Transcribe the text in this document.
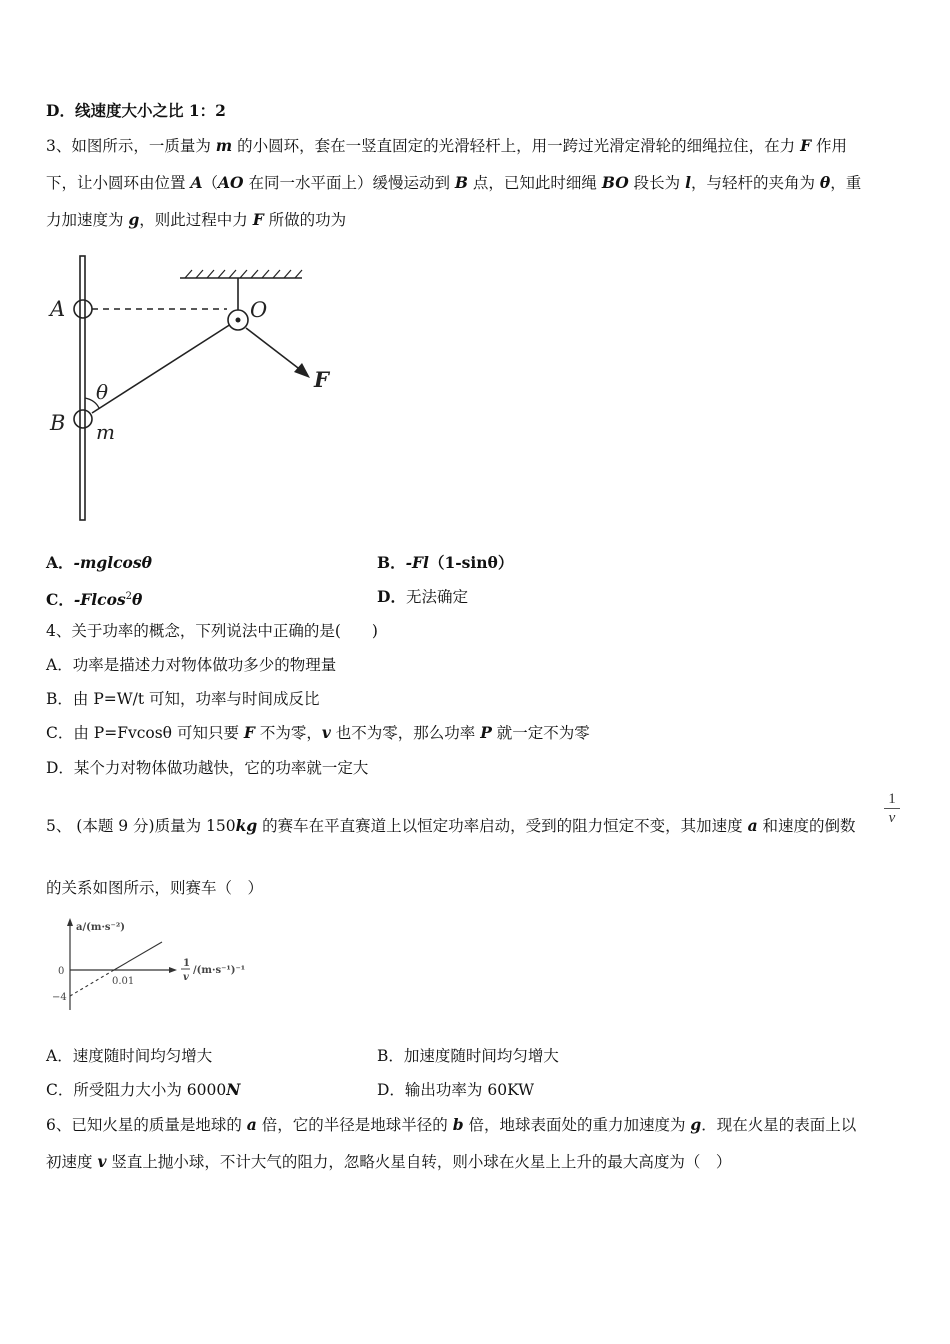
D．线速度大小之比 1：2
3、如图所示，一质量为 m 的小圆环，套在一竖直固定的光滑轻杆上，用一跨过光滑定滑轮的细绳拉住，在力 F 作用
下，让小圆环由位置 A（AO 在同一水平面上）缓慢运动到 B 点，已知此时细绳 BO 段长为 l，与轻杆的夹角为 θ，重
力加速度为 g，则此过程中力 F 所做的功为
A	O
F
θ
B m
A．-mglcosθ	B．-Fl（1-sinθ）
C．-Flcos$^2$θ	D．无法确定
4、关于功率的概念，下列说法中正确的是(　　)
A．功率是描述力对物体做功多少的物理量
B．由 P=W/t 可知，功率与时间成反比
C．由 P=Fvcosθ 可知只要 F 不为零，v 也不为零，那么功率 P 就一定不为零
D．某个力对物体做功越快，它的功率就一定大
5、 (本题 9 分)质量为 150kg 的赛车在平直赛道上以恒定功率启动，受到的阻力恒定不变，其加速度 a 和速度的倒数 $\frac{1}{v}$
的关系如图所示，则赛车（　）
a/(m·s⁻²)
0
−4
0.01
1
v
/(m·s⁻¹)⁻¹
A．速度随时间均匀增大	B．加速度随时间均匀增大
C．所受阻力大小为 6000N	D．输出功率为 60KW
6、已知火星的质量是地球的 a 倍，它的半径是地球半径的 b 倍，地球表面处的重力加速度为 g．现在火星的表面上以
初速度 v 竖直上抛小球，不计大气的阻力，忽略火星自转，则小球在火星上上升的最大高度为（　）
